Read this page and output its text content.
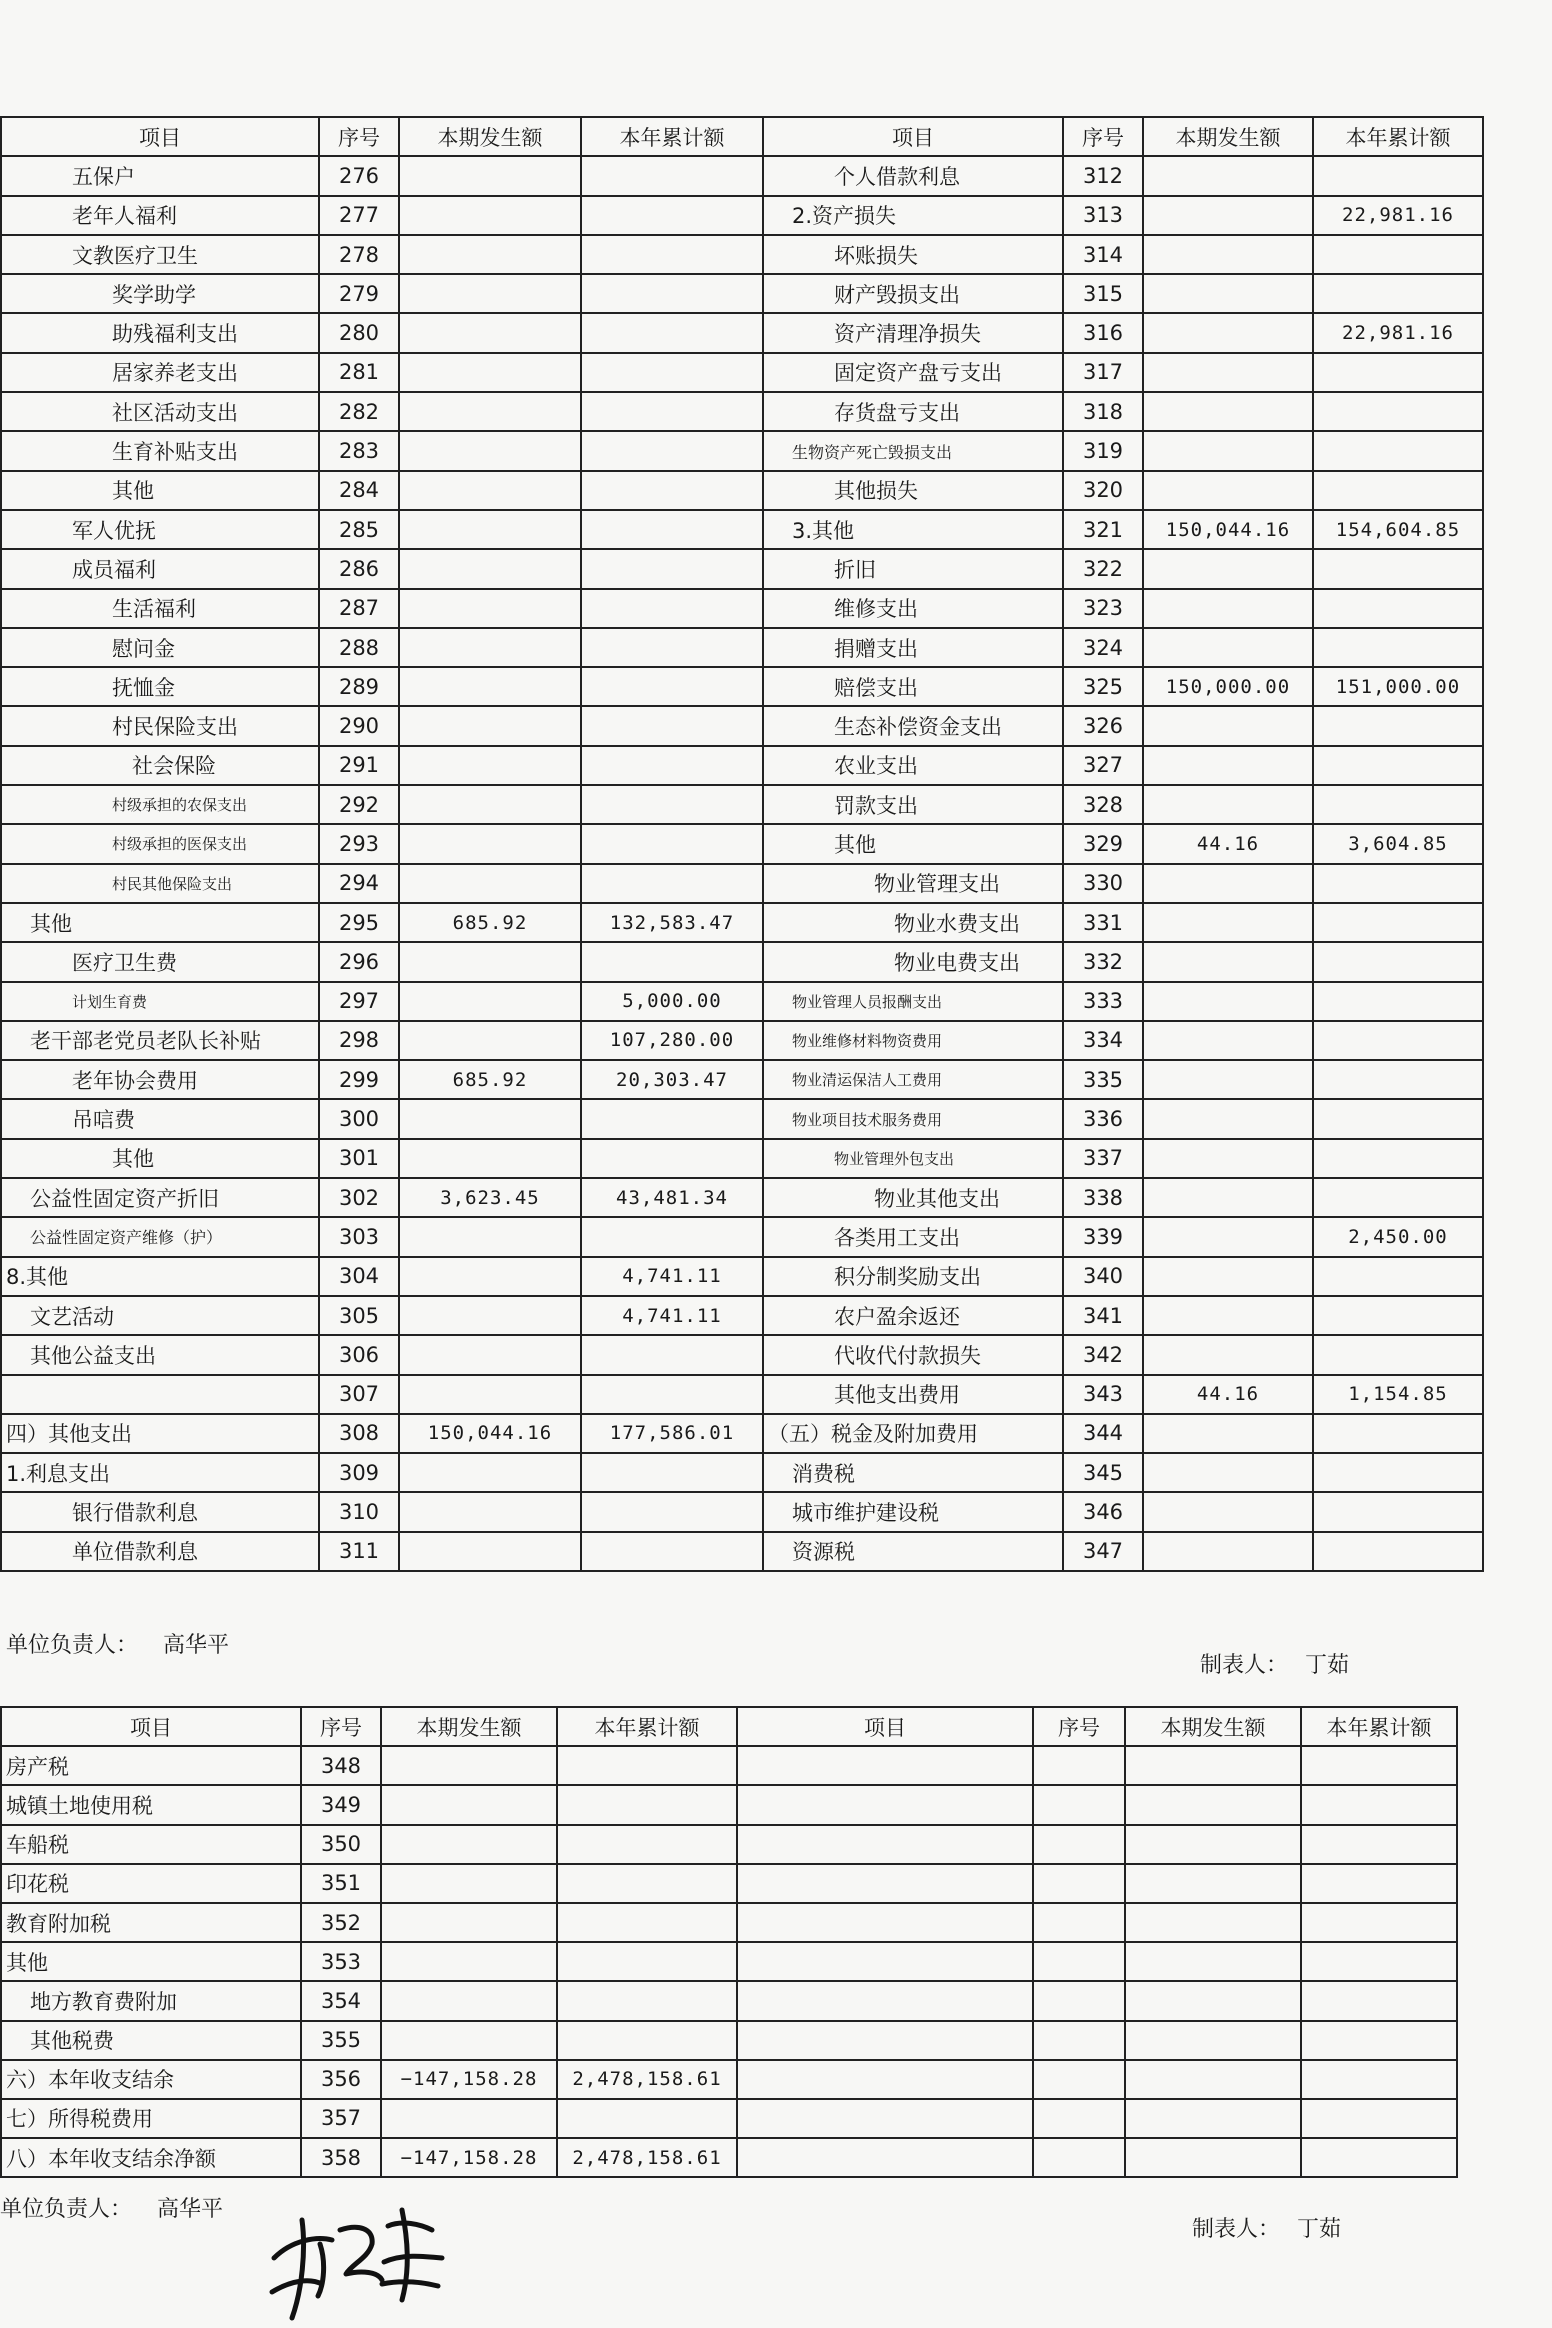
项目	序号	本期发生额	本年累计额	项目	序号	本期发生额	本年累计额
五保户	276			个人借款利息	312		
老年人福利	277			2.资产损失	313		22,981.16
文教医疗卫生	278			坏账损失	314		
奖学助学	279			财产毁损支出	315		
助残福利支出	280			资产清理净损失	316		22,981.16
居家养老支出	281			固定资产盘亏支出	317		
社区活动支出	282			存货盘亏支出	318		
生育补贴支出	283			生物资产死亡毁损支出	319		
其他	284			其他损失	320		
军人优抚	285			3.其他	321	150,044.16	154,604.85
成员福利	286			折旧	322		
生活福利	287			维修支出	323		
慰问金	288			捐赠支出	324		
抚恤金	289			赔偿支出	325	150,000.00	151,000.00
村民保险支出	290			生态补偿资金支出	326		
社会保险	291			农业支出	327		
村级承担的农保支出	292			罚款支出	328		
村级承担的医保支出	293			其他	329	44.16	3,604.85
村民其他保险支出	294			物业管理支出	330		
其他	295	685.92	132,583.47	物业水费支出	331		
医疗卫生费	296			物业电费支出	332		
计划生育费	297		5,000.00	物业管理人员报酬支出	333		
老干部老党员老队长补贴	298		107,280.00	物业维修材料物资费用	334		
老年协会费用	299	685.92	20,303.47	物业清运保洁人工费用	335		
吊唁费	300			物业项目技术服务费用	336		
其他	301			物业管理外包支出	337		
公益性固定资产折旧	302	3,623.45	43,481.34	物业其他支出	338		
公益性固定资产维修（护）	303			各类用工支出	339		2,450.00
8.其他	304		4,741.11	积分制奖励支出	340		
文艺活动	305		4,741.11	农户盈余返还	341		
其他公益支出	306			代收代付款损失	342		
	307			其他支出费用	343	44.16	1,154.85
四）其他支出	308	150,044.16	177,586.01	（五）税金及附加费用	344		
1.利息支出	309			消费税	345		
银行借款利息	310			城市维护建设税	346		
单位借款利息	311			资源税	347		
单位负责人： 高华平
制表人： 丁茹
项目	序号	本期发生额	本年累计额	项目	序号	本期发生额	本年累计额
房产税	348						
城镇土地使用税	349						
车船税	350						
印花税	351						
教育附加税	352						
其他	353						
地方教育费附加	354						
其他税费	355						
六）本年收支结余	356	−147,158.28	2,478,158.61				
七）所得税费用	357						
八）本年收支结余净额	358	−147,158.28	2,478,158.61				
单位负责人： 高华平
制表人： 丁茹
